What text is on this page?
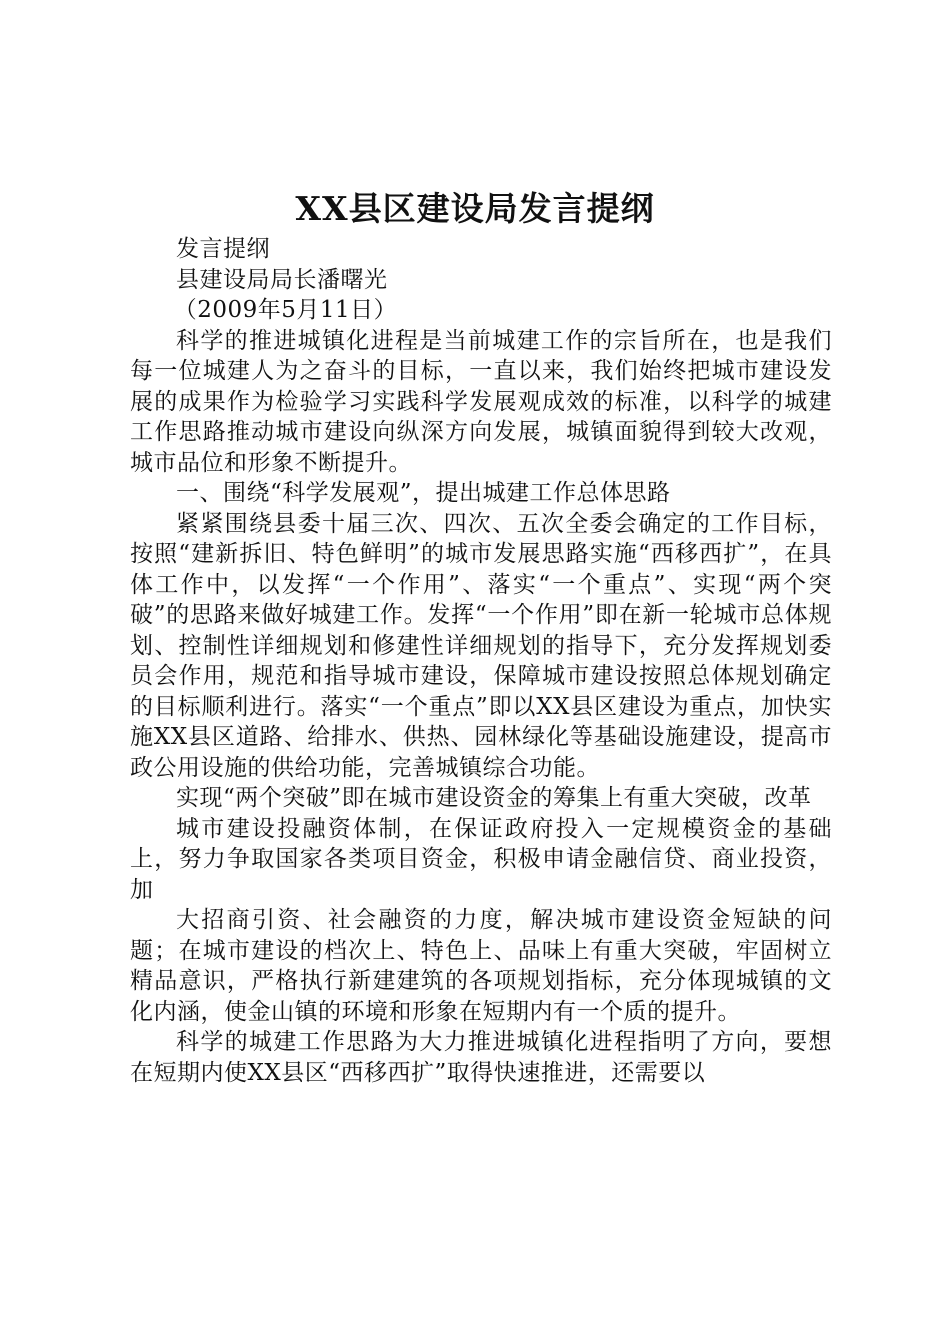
XX县区建设局发言提纲

发言提纲

县建设局局长潘曙光

（2009年5月11日）

科学的推进城镇化进程是当前城建工作的宗旨所在，也是我们每一位城建人为之奋斗的目标，一直以来，我们始终把城市建设发展的成果作为检验学习实践科学发展观成效的标准，以科学的城建工作思路推动城市建设向纵深方向发展，城镇面貌得到较大改观，城市品位和形象不断提升。

一、围绕“科学发展观”，提出城建工作总体思路

紧紧围绕县委十届三次、四次、五次全委会确定的工作目标，按照“建新拆旧、特色鲜明”的城市发展思路实施“西移西扩”，在具体工作中，以发挥“一个作用”、落实“一个重点”、实现“两个突破”的思路来做好城建工作。发挥“一个作用”即在新一轮城市总体规划、控制性详细规划和修建性详细规划的指导下，充分发挥规划委员会作用，规范和指导城市建设，保障城市建设按照总体规划确定的目标顺利进行。落实“一个重点”即以XX县区建设为重点，加快实施XX县区道路、给排水、供热、园林绿化等基础设施建设，提高市政公用设施的供给功能，完善城镇综合功能。

实现“两个突破”即在城市建设资金的筹集上有重大突破，改革

城市建设投融资体制，在保证政府投入一定规模资金的基础上，努力争取国家各类项目资金，积极申请金融信贷、商业投资，加

大招商引资、社会融资的力度，解决城市建设资金短缺的问题；在城市建设的档次上、特色上、品味上有重大突破，牢固树立精品意识，严格执行新建建筑的各项规划指标，充分体现城镇的文化内涵，使金山镇的环境和形象在短期内有一个质的提升。

科学的城建工作思路为大力推进城镇化进程指明了方向，要想在短期内使XX县区“西移西扩”取得快速推进，还需要以
